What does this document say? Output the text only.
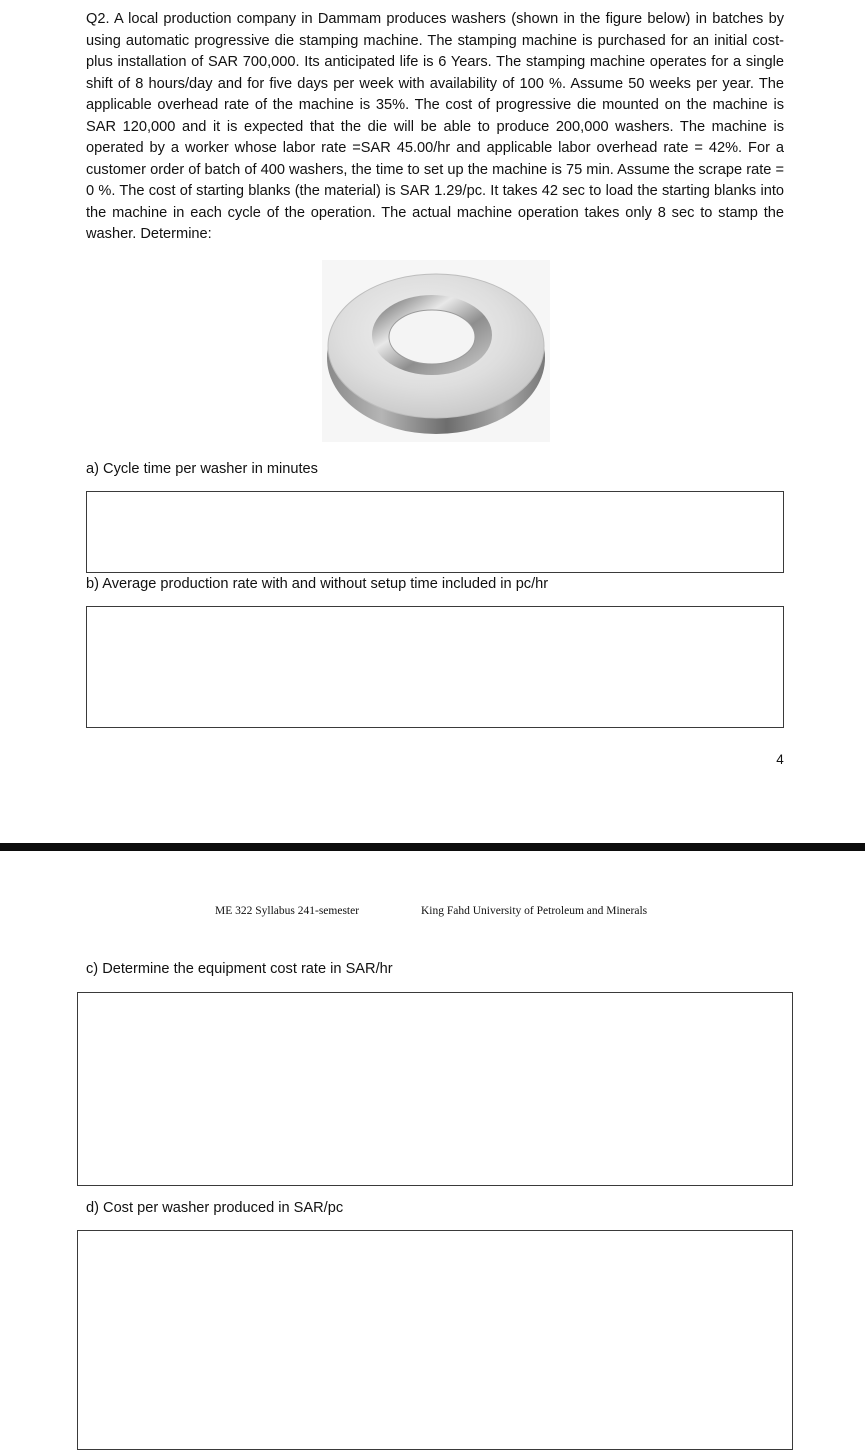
Q2. A local production company in Dammam produces washers (shown in the figure below) in batches by using automatic progressive die stamping machine. The stamping machine is purchased for an initial cost-plus installation of SAR 700,000. Its anticipated life is 6 Years. The stamping machine operates for a single shift of 8 hours/day and for five days per week with availability of 100 %. Assume 50 weeks per year. The applicable overhead rate of the machine is 35%. The cost of progressive die mounted on the machine is SAR 120,000 and it is expected that the die will be able to produce 200,000 washers. The machine is operated by a worker whose labor rate =SAR 45.00/hr and applicable labor overhead rate = 42%. For a customer order of batch of 400 washers, the time to set up the machine is 75 min. Assume the scrape rate = 0 %. The cost of starting blanks (the material) is SAR 1.29/pc. It takes 42 sec to load the starting blanks into the machine in each cycle of the operation. The actual machine operation takes only 8 sec to stamp the washer. Determine:

a) Cycle time per washer in minutes

b) Average production rate with and without setup time included in pc/hr

4
ME 322 Syllabus 241-semester	King Fahd University of Petroleum and Minerals

c) Determine the equipment cost rate in SAR/hr

d) Cost per washer produced in SAR/pc
